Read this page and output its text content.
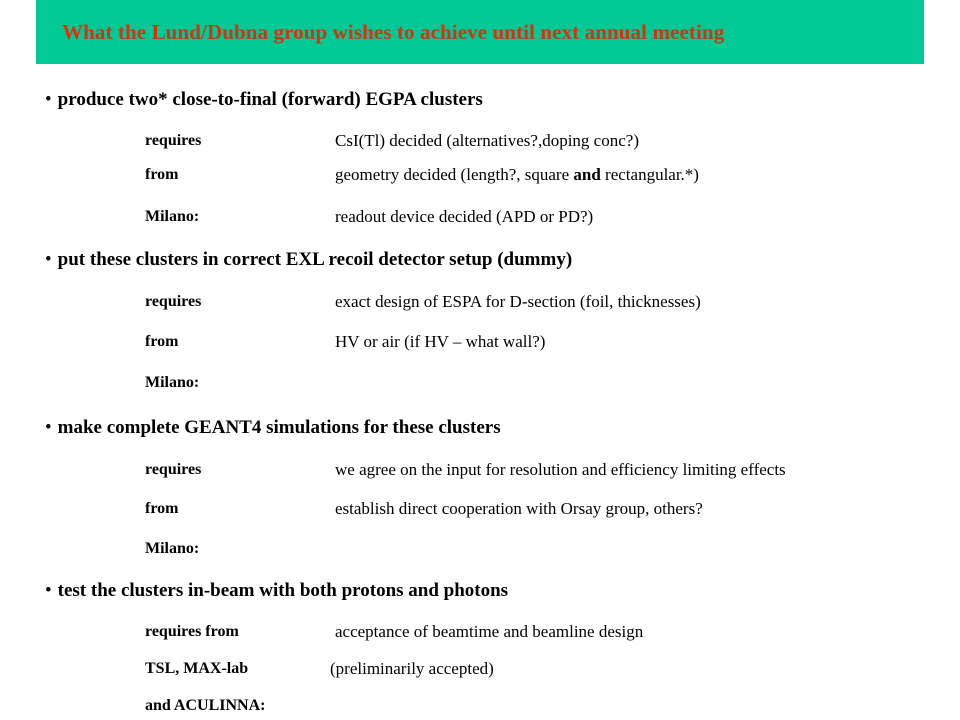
What the Lund/Dubna group wishes to achieve until next annual meeting
• produce two* close-to-final (forward) EGPA clusters
requires	CsI(Tl) decided (alternatives?,doping conc?)
from	geometry decided (length?, square and rectangular.*)
Milano:	readout device decided (APD or PD?)
• put these clusters in correct EXL recoil detector setup (dummy)
requires	exact design of ESPA for D-section (foil, thicknesses)
from	HV or air (if HV – what wall?)
Milano:
• make complete GEANT4 simulations for these clusters
requires	we agree on the input for resolution and efficiency limiting effects
from	establish direct cooperation with Orsay group, others?
Milano:
• test the clusters in-beam with both protons and photons
requires from	acceptance of beamtime and beamline design
TSL, MAX-lab	(preliminarily accepted)
and ACULINNA:
